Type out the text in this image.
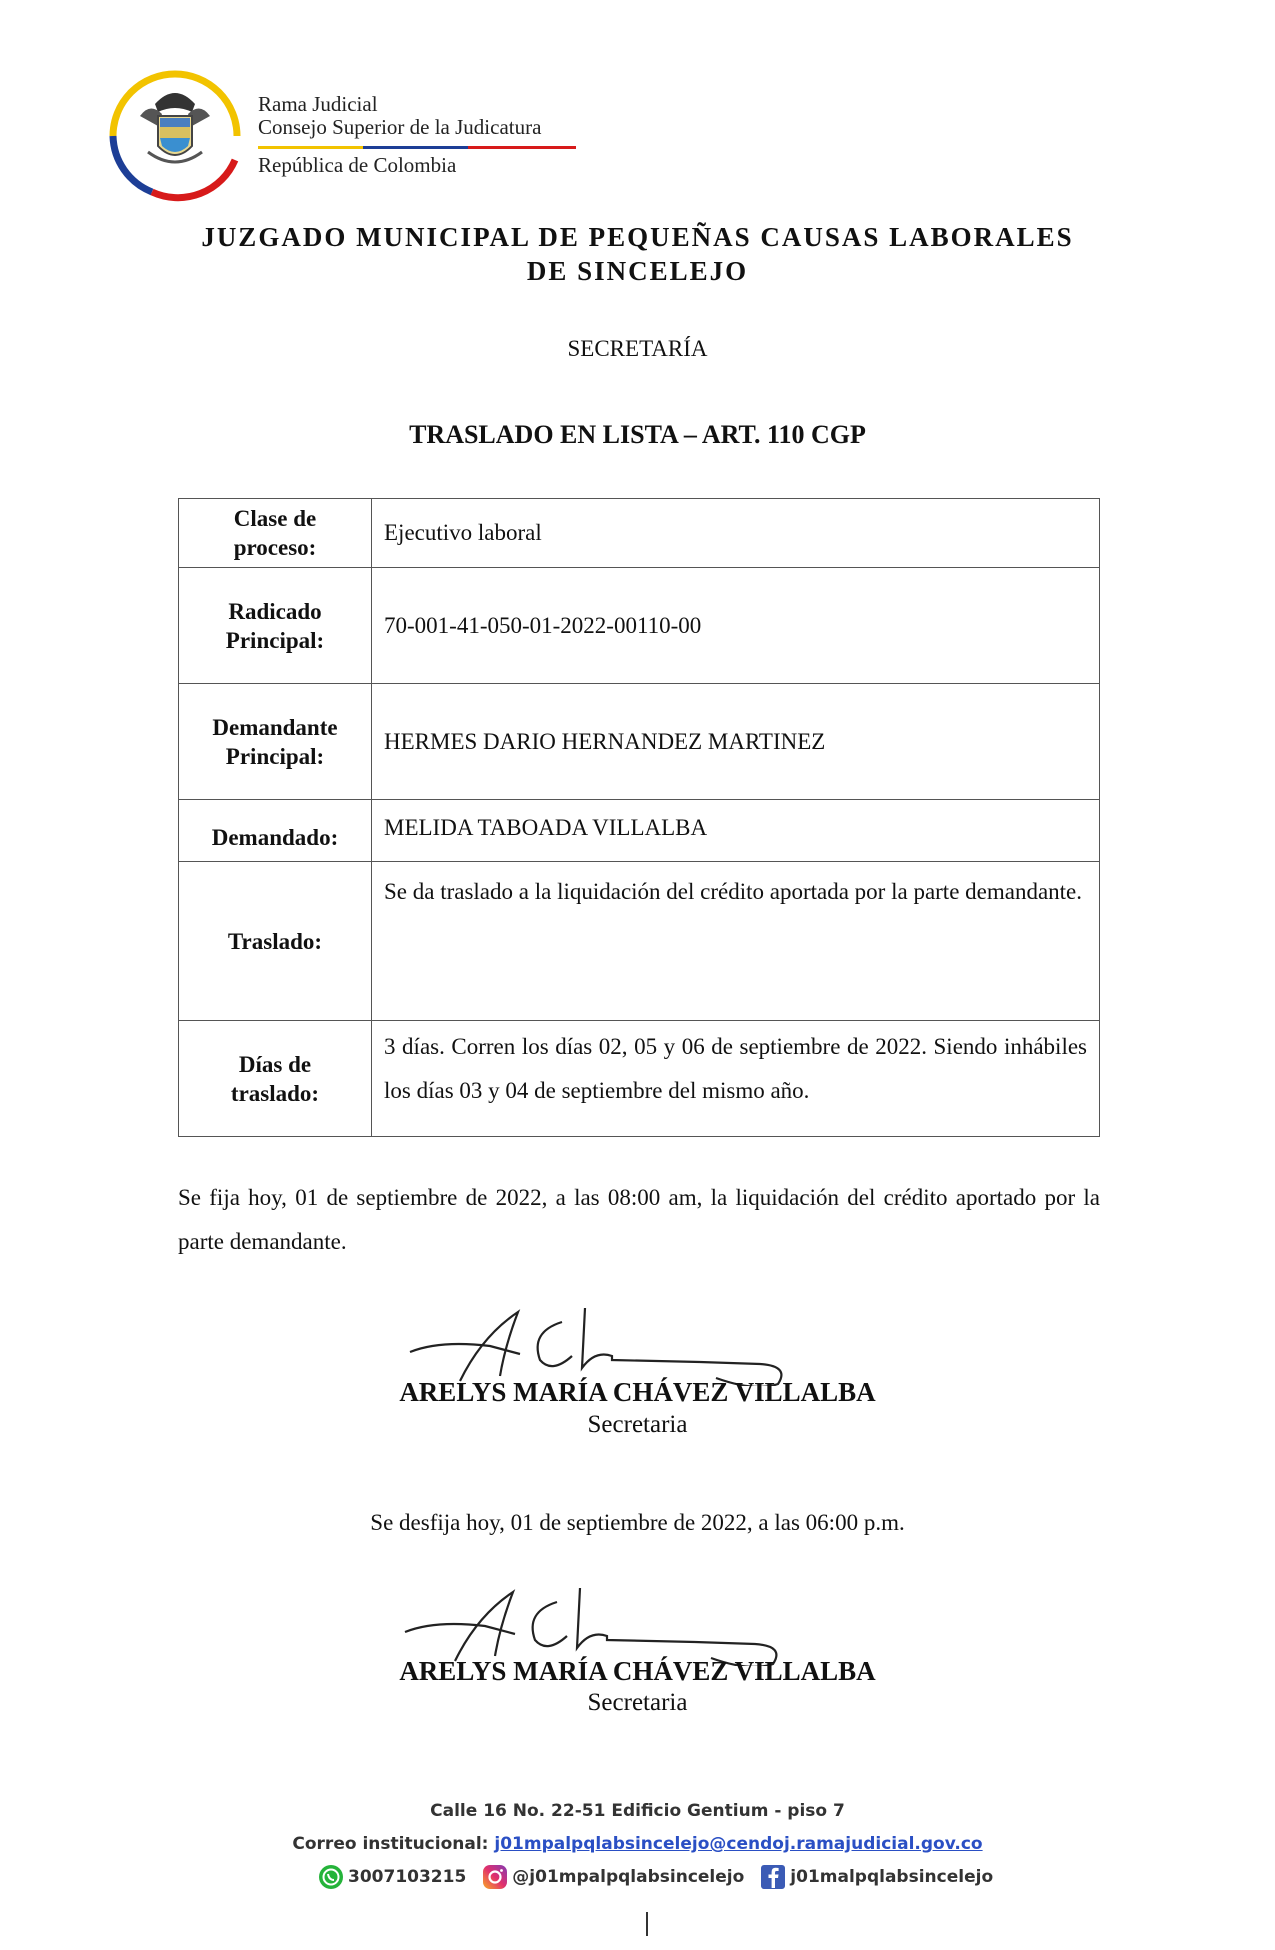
Rama Judicial
Consejo Superior de la Judicatura
República de Colombia
JUZGADO MUNICIPAL DE PEQUEÑAS CAUSAS LABORALES
DE SINCELEJO
SECRETARÍA
TRASLADO EN LISTA – ART. 110 CGP
Clase de
proceso:	Ejecutivo laboral
Radicado
Principal:	70-001-41-050-01-2022-00110-00
Demandante
Principal:	HERMES DARIO HERNANDEZ MARTINEZ
Demandado:	MELIDA TABOADA VILLALBA
Traslado:	Se da traslado a la liquidación del crédito aportada por la parte demandante.
Días de
traslado:	3 días. Corren los días 02, 05 y 06 de septiembre de 2022. Siendo inhábiles los días 03 y 04 de septiembre del mismo año.
Se fija hoy, 01 de septiembre de 2022, a las 08:00 am, la liquidación del crédito aportado por la parte demandante.
ARELYS MARÍA CHÁVEZ VILLALBA
Secretaria
Se desfija hoy, 01 de septiembre de 2022, a las 06:00 p.m.
ARELYS MARÍA CHÁVEZ VILLALBA
Secretaria
Calle 16 No. 22-51 Edificio Gentium - piso 7
Correo institucional: j01mpalpqlabsincelejo@cendoj.ramajudicial.gov.co
3007103215	@j01mpalpqlabsincelejo	j01malpqlabsincelejo
